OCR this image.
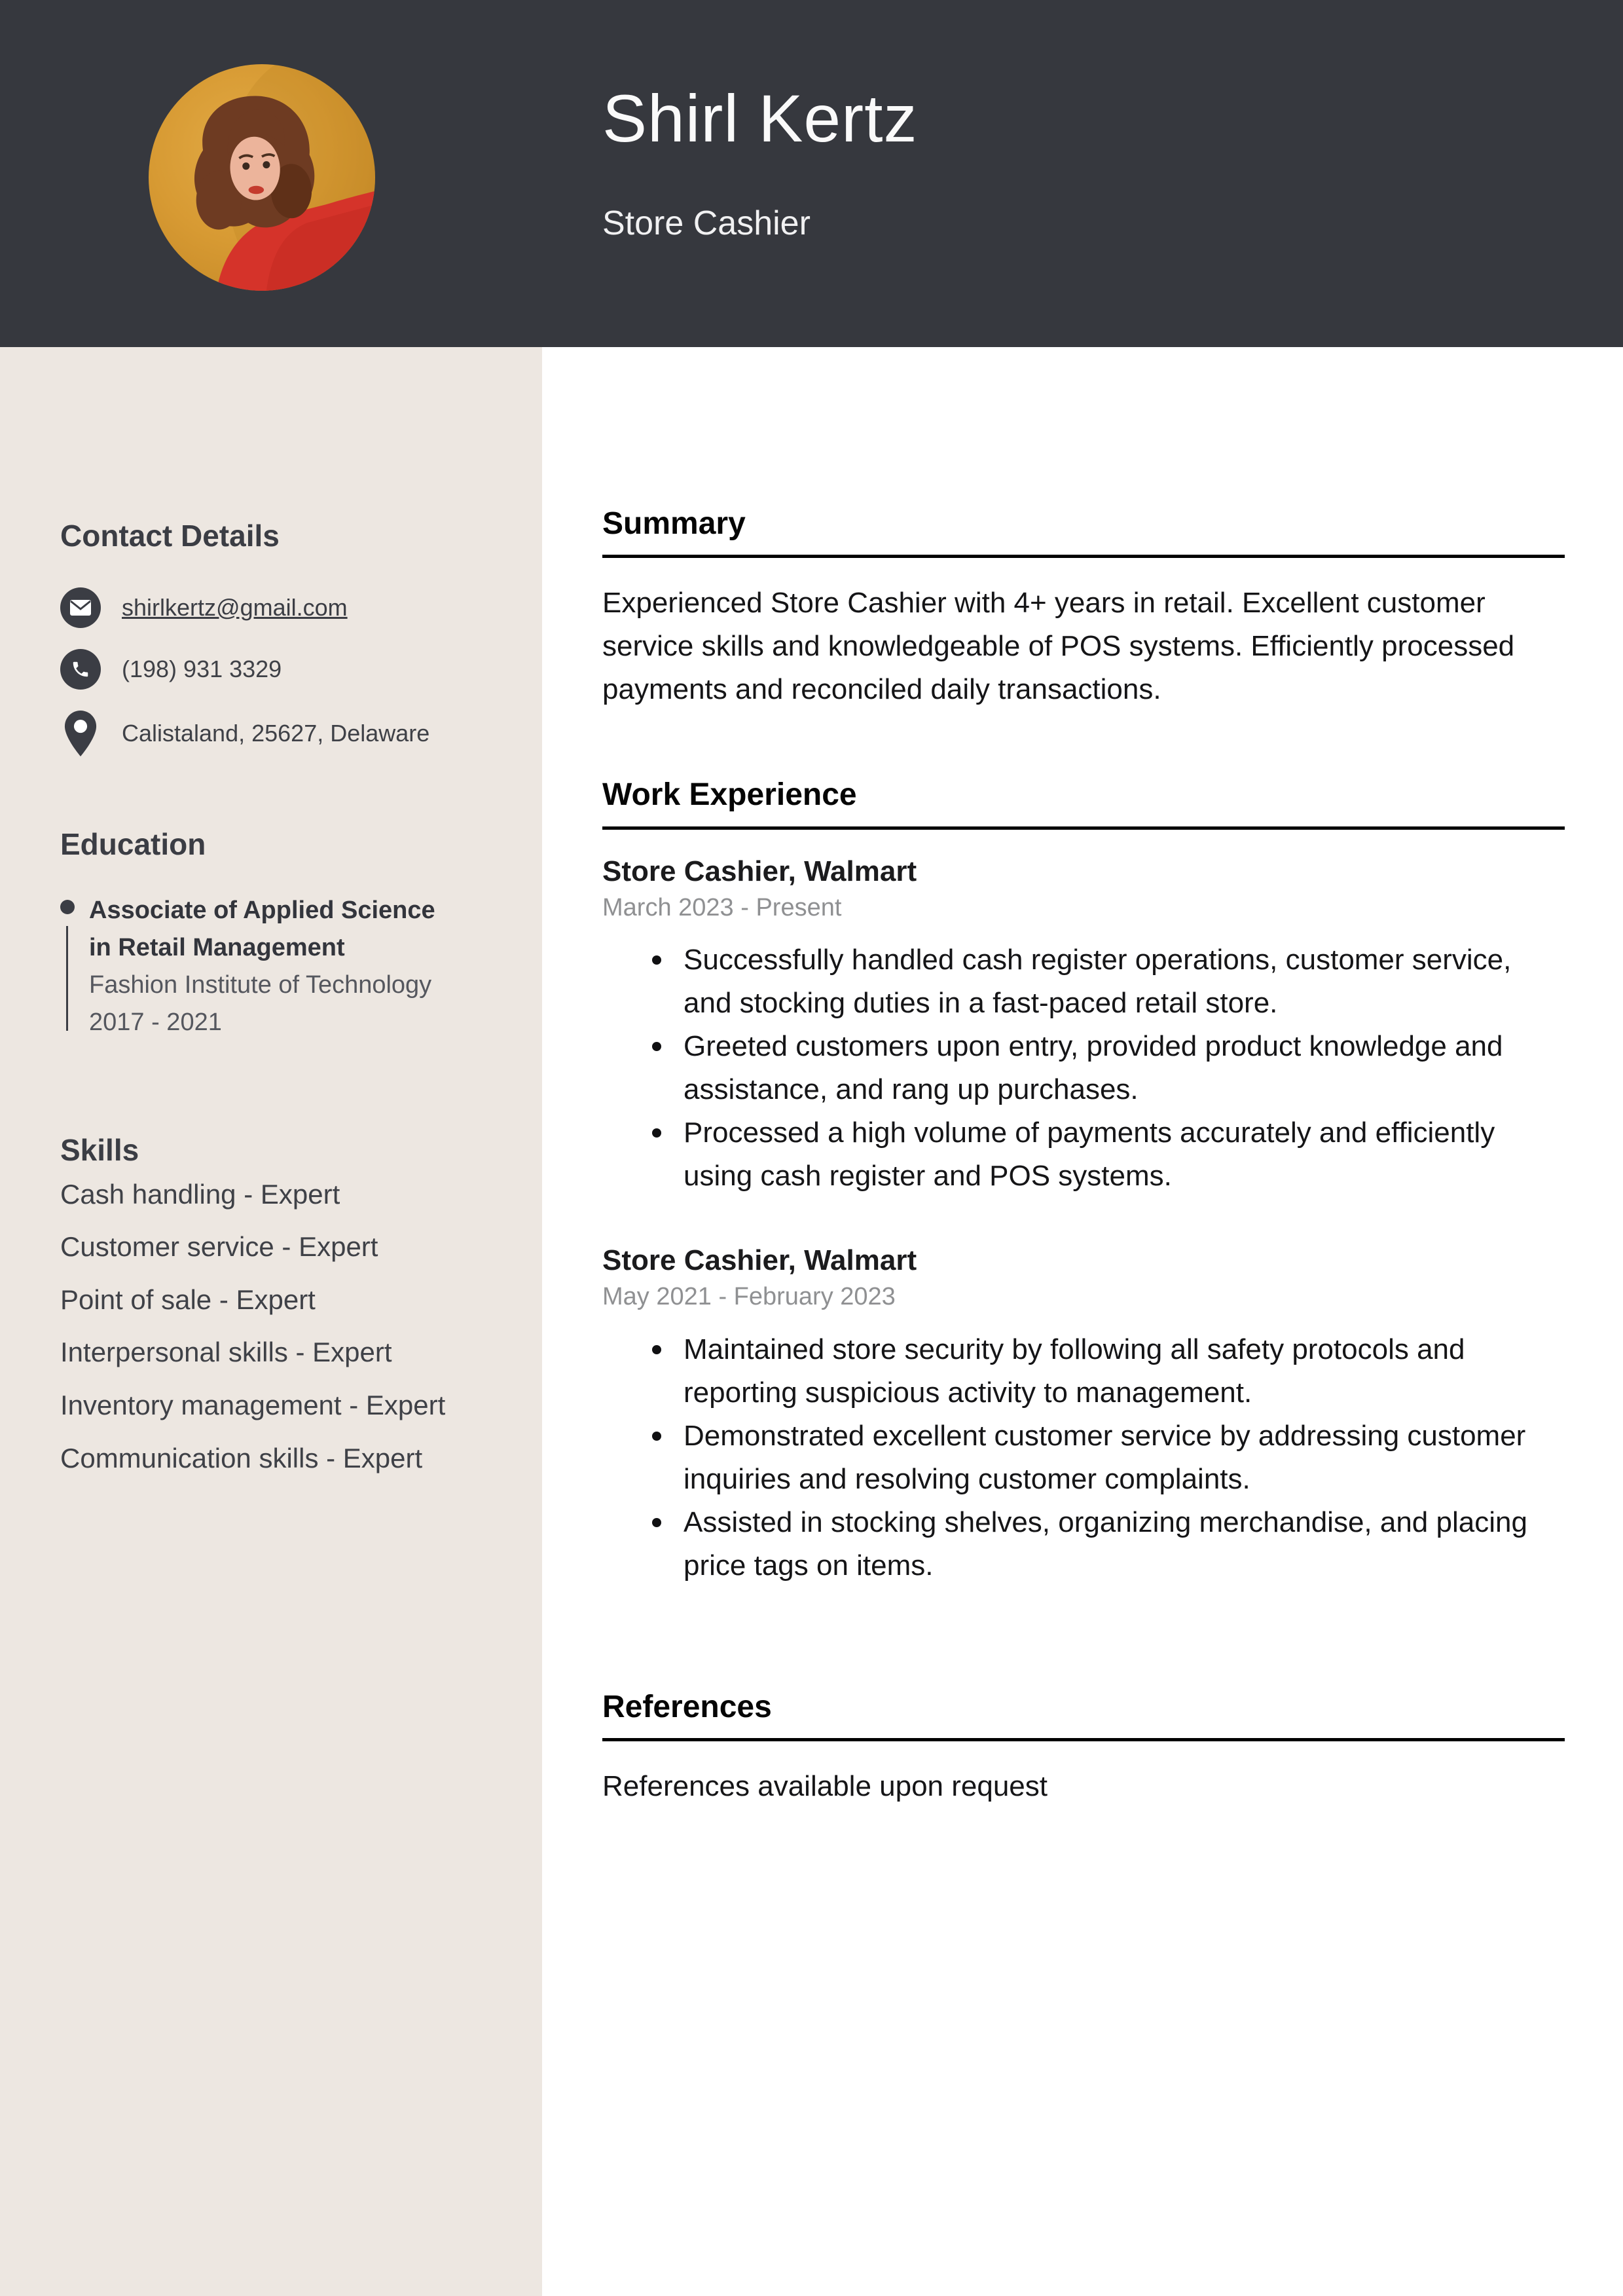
Shirl Kertz
Store Cashier
Contact Details
shirlkertz@gmail.com
(198) 931 3329
Calistaland, 25627, Delaware
Education
Associate of Applied Science in Retail Management
Fashion Institute of Technology
2017 - 2021
Skills
Cash handling - Expert
Customer service - Expert
Point of sale - Expert
Interpersonal skills - Expert
Inventory management - Expert
Communication skills - Expert
Summary
Experienced Store Cashier with 4+ years in retail. Excellent customer service skills and knowledgeable of POS systems. Efficiently processed payments and reconciled daily transactions.
Work Experience
Store Cashier, Walmart
March 2023 - Present
Successfully handled cash register operations, customer service, and stocking duties in a fast-paced retail store.
Greeted customers upon entry, provided product knowledge and assistance, and rang up purchases.
Processed a high volume of payments accurately and efficiently using cash register and POS systems.
Store Cashier, Walmart
May 2021 - February 2023
Maintained store security by following all safety protocols and reporting suspicious activity to management.
Demonstrated excellent customer service by addressing customer inquiries and resolving customer complaints.
Assisted in stocking shelves, organizing merchandise, and placing price tags on items.
References
References available upon request
